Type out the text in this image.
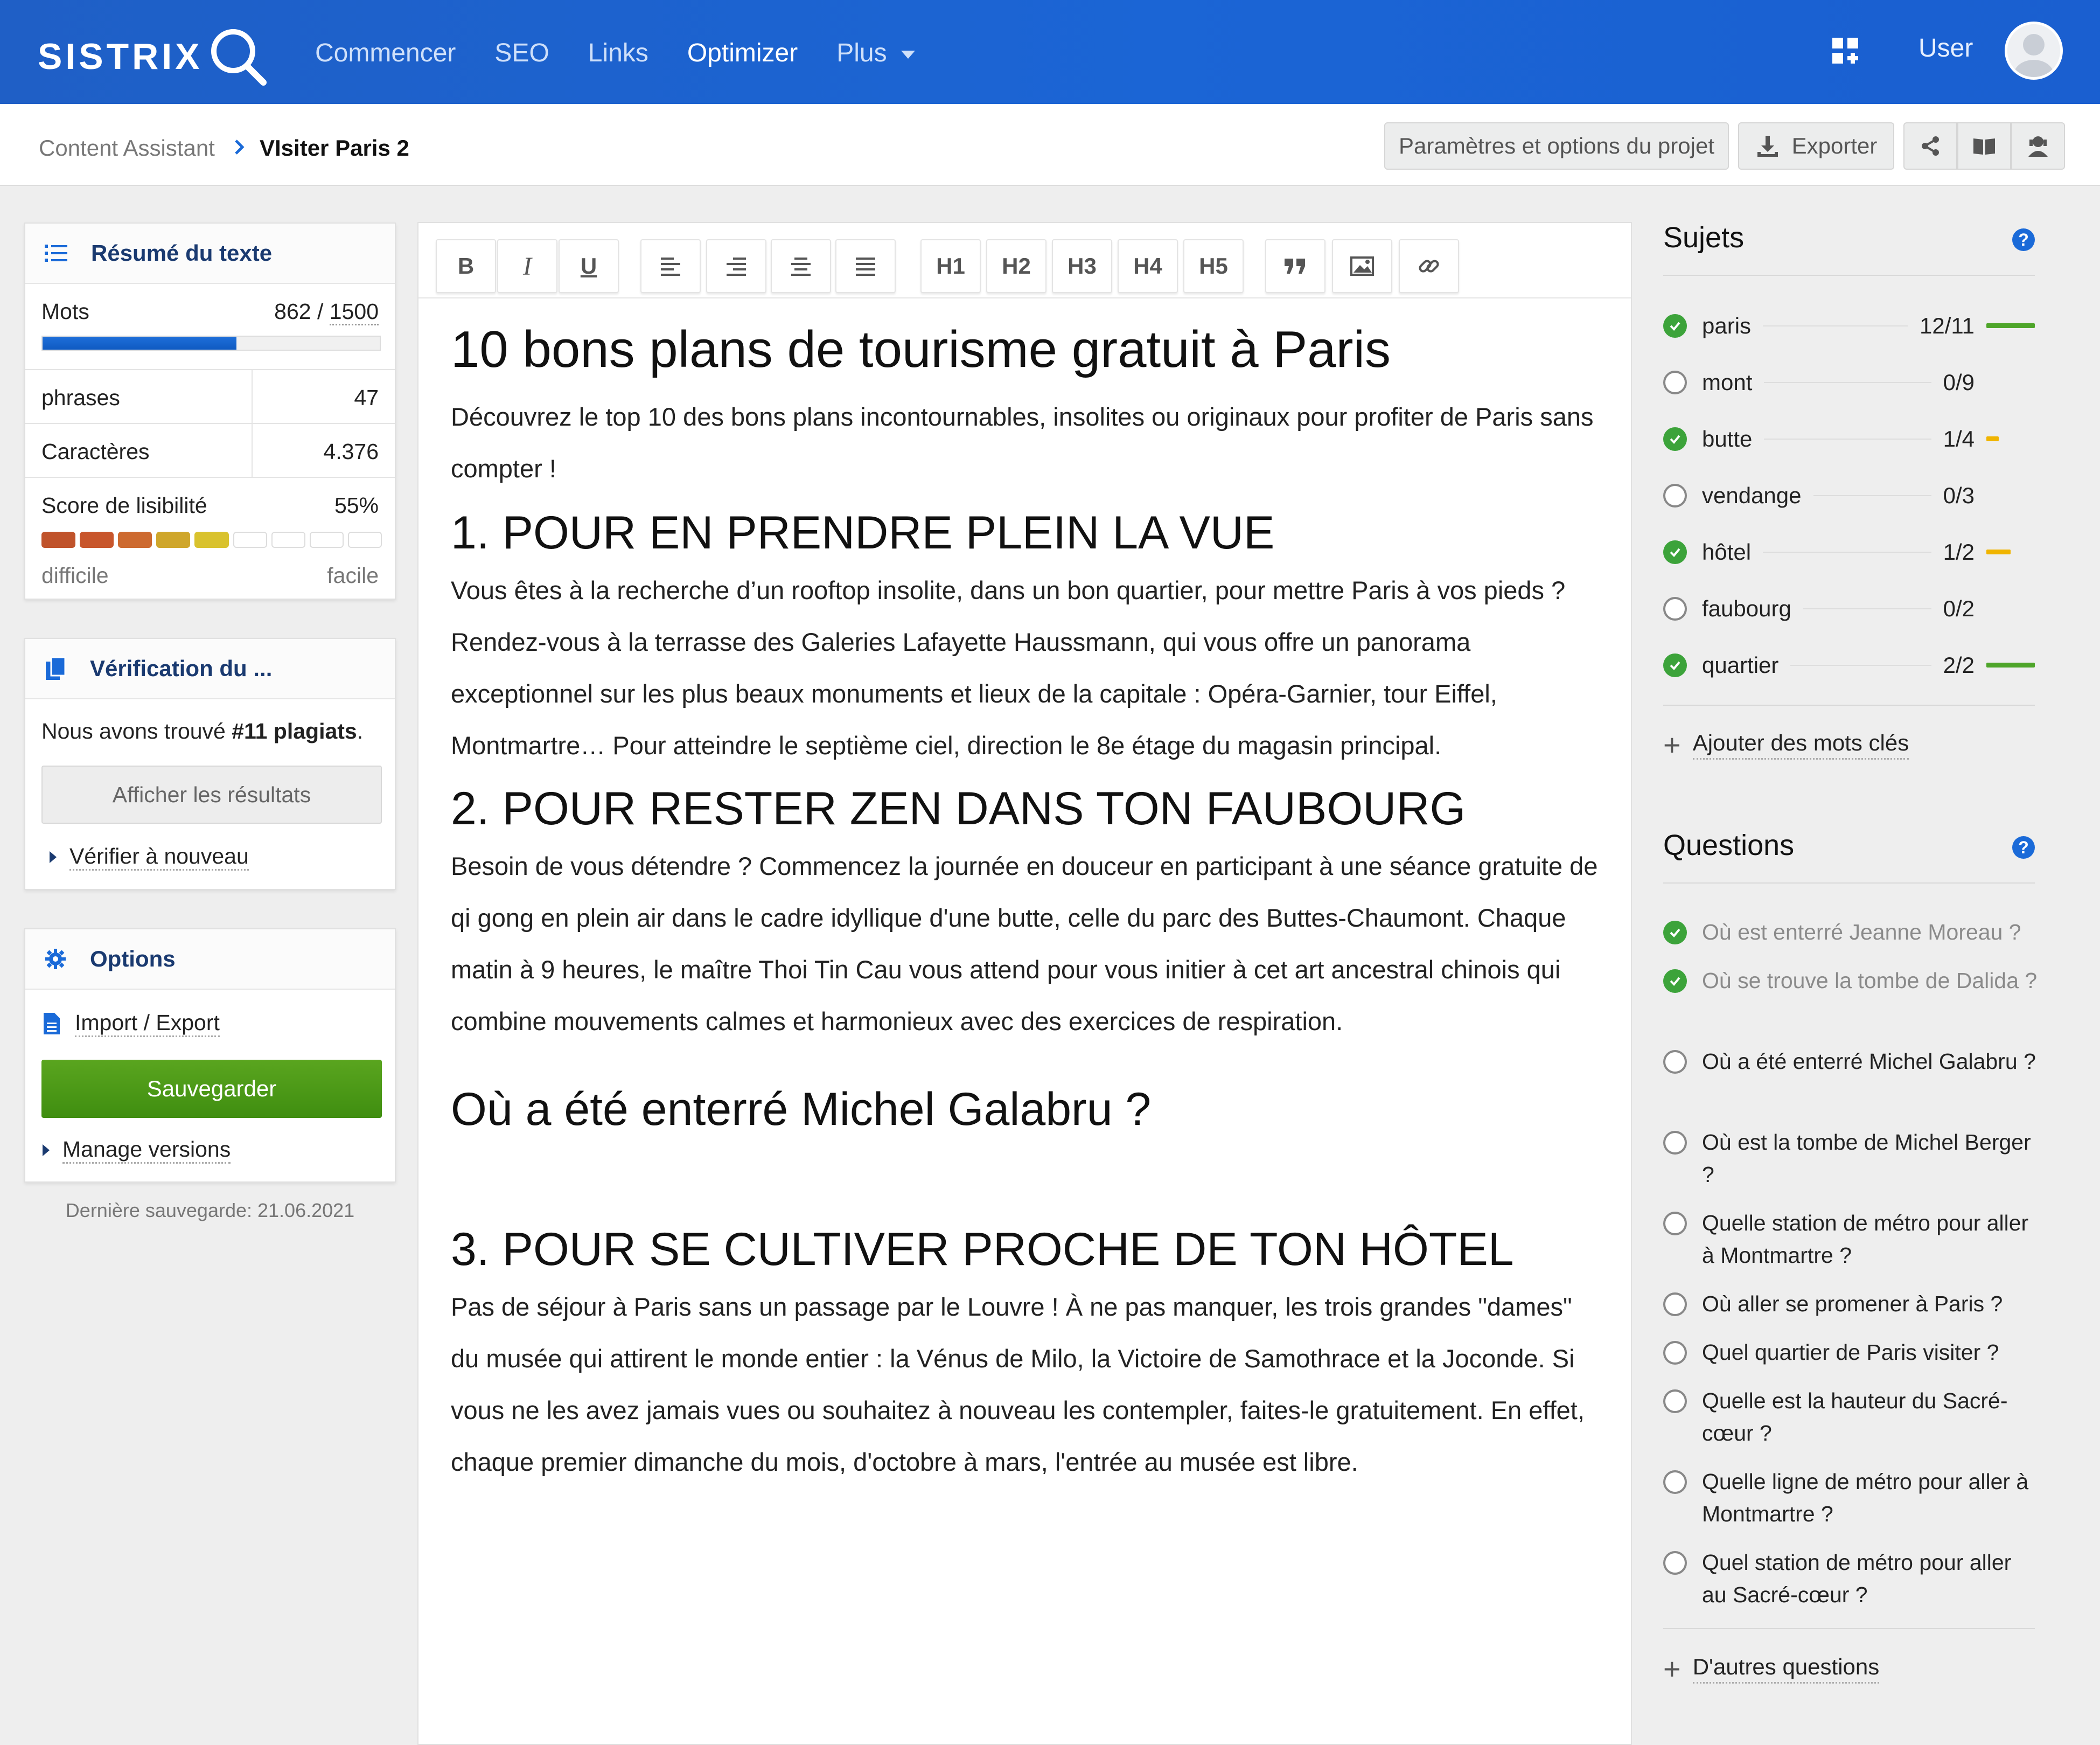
SISTRIX	Commencer SEO Links Optimizer Plus	User
Content Assistant VIsiter Paris 2	Paramètres et options du projet	Exporter
Résumé du texte
Mots	862 / 1500
phrases	47
Caractères	4.376
Score de lisibilité	55%
difficile	facile
Vérification du ...
Nous avons trouvé #11 plagiats.
Afficher les résultats
Vérifier à nouveau
Options
Import / Export
Sauvegarder
Manage versions
Dernière sauvegarde: 21.06.2021
B I U	H1 H2 H3 H4 H5
10 bons plans de tourisme gratuit à Paris
Découvrez le top 10 des bons plans incontournables, insolites ou originaux pour profiter de Paris sans compter !
1. POUR EN PRENDRE PLEIN LA VUE
Vous êtes à la recherche d’un rooftop insolite, dans un bon quartier, pour mettre Paris à vos pieds ? Rendez-vous à la terrasse des Galeries Lafayette Haussmann, qui vous offre un panorama exceptionnel sur les plus beaux monuments et lieux de la capitale : Opéra-Garnier, tour Eiffel, Montmartre… Pour atteindre le septième ciel, direction le 8e étage du magasin principal.
2. POUR RESTER ZEN DANS TON FAUBOURG
Besoin de vous détendre ? Commencez la journée en douceur en participant à une séance gratuite de qi gong en plein air dans le cadre idyllique d'une butte, celle du parc des Buttes-Chaumont. Chaque matin à 9 heures, le maître Thoi Tin Cau vous attend pour vous initier à cet art ancestral chinois qui combine mouvements calmes et harmonieux avec des exercices de respiration.
Où a été enterré Michel Galabru ?
3. POUR SE CULTIVER PROCHE DE TON HÔTEL
Pas de séjour à Paris sans un passage par le Louvre ! À ne pas manquer, les trois grandes "dames" du musée qui attirent le monde entier : la Vénus de Milo, la Victoire de Samothrace et la Joconde. Si vous ne les avez jamais vues ou souhaitez à nouveau les contempler, faites-le gratuitement. En effet, chaque premier dimanche du mois, d'octobre à mars, l'entrée au musée est libre.
Sujets	?
paris	12/11
mont	0/9
butte	1/4
vendange	0/3
hôtel	1/2
faubourg	0/2
quartier	2/2
+ Ajouter des mots clés
Questions	?
Où est enterré Jeanne Moreau ?
Où se trouve la tombe de Dalida ?
Où a été enterré Michel Galabru ?
Où est la tombe de Michel Berger ?
Quelle station de métro pour aller à Montmartre ?
Où aller se promener à Paris ?
Quel quartier de Paris visiter ?
Quelle est la hauteur du Sacré-cœur ?
Quelle ligne de métro pour aller à Montmartre ?
Quel station de métro pour aller au Sacré-cœur ?
+ D'autres questions
